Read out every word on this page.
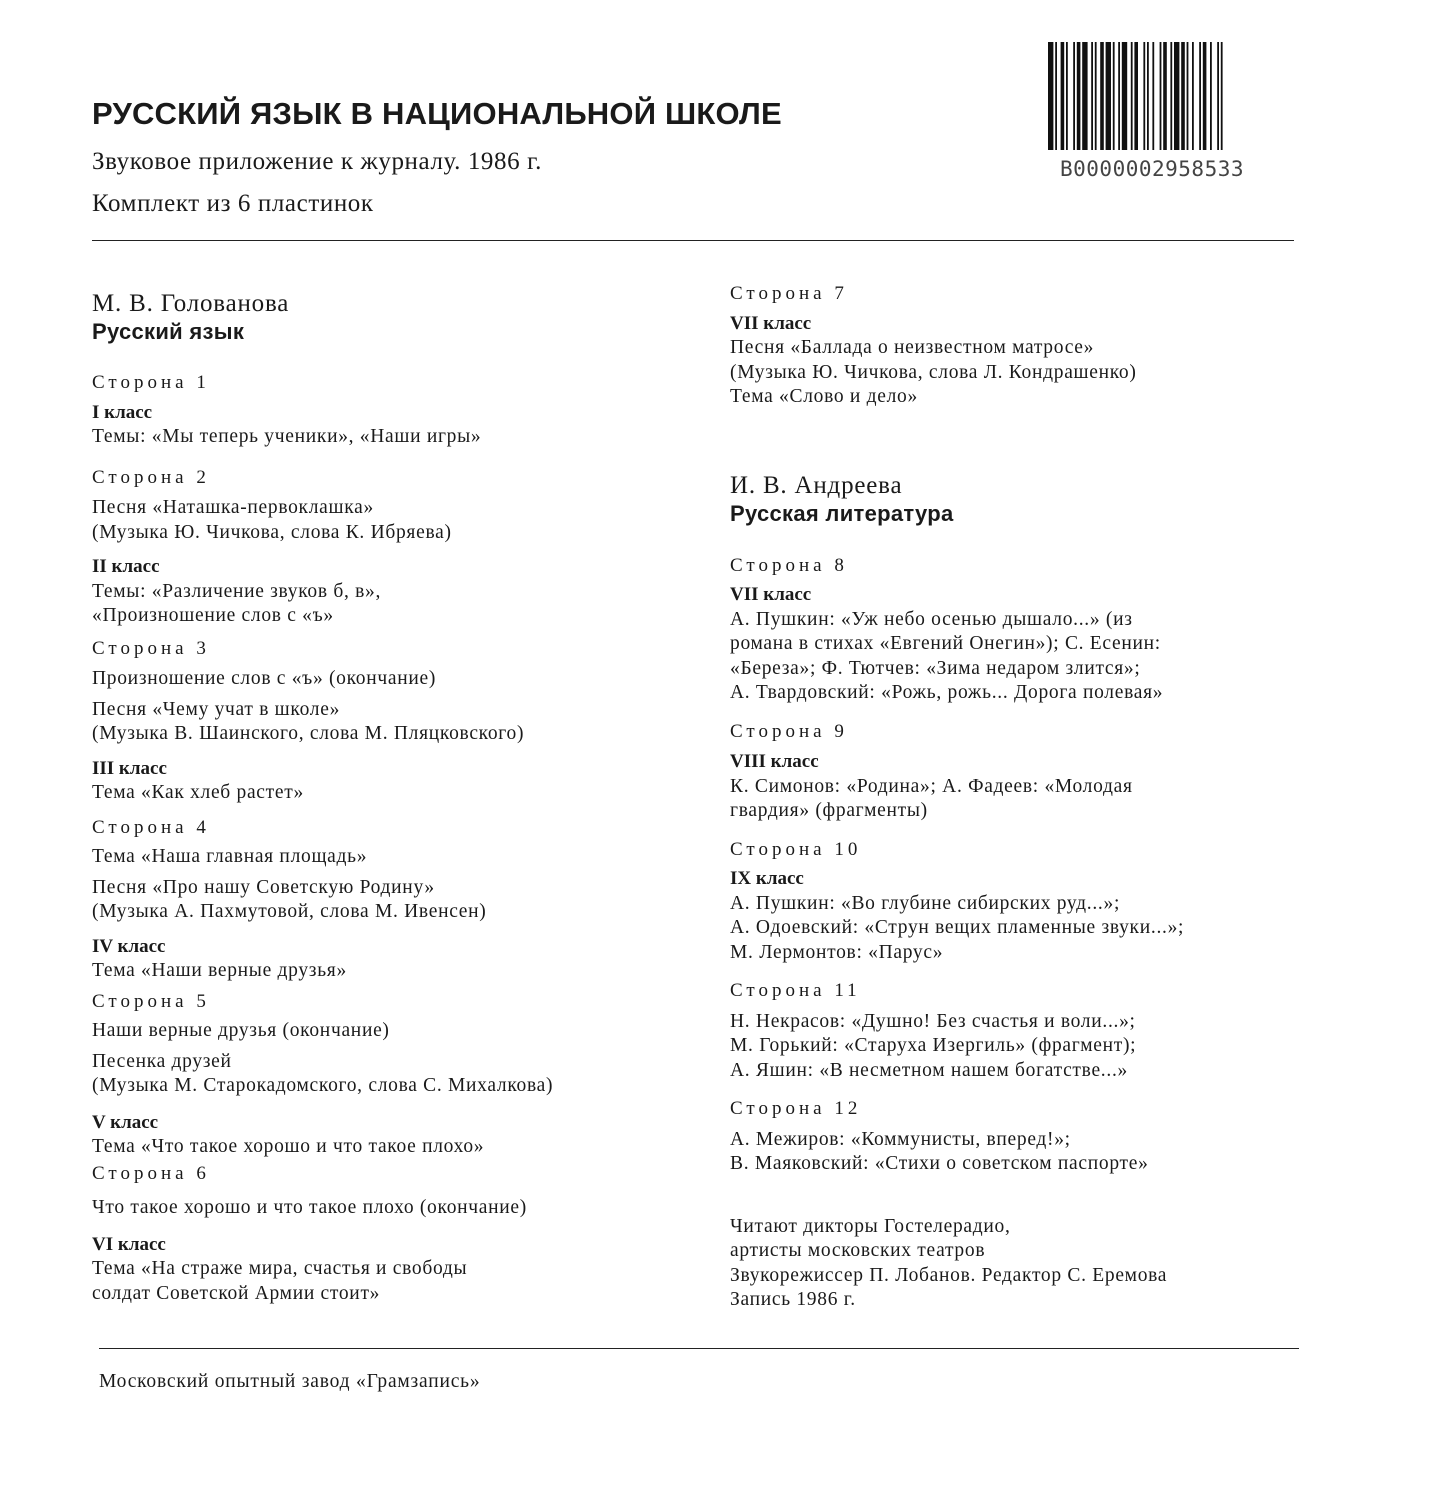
РУССКИЙ ЯЗЫК В НАЦИОНАЛЬНОЙ ШКОЛЕ
Звуковое приложение к журналу. 1986 г.
Комплект из 6 пластинок
B0000002958533
М. В. Голованова
Русский язык
Сторона 1
I класс
Темы: «Мы теперь ученики», «Наши игры»
Сторона 2
Песня «Наташка-первоклашка»
(Музыка Ю. Чичкова, слова К. Ибряева)
II класс
Темы: «Различение звуков б, в»,
«Произношение слов с «ъ»
Сторона 3
Произношение слов с «ъ» (окончание)
Песня «Чему учат в школе»
(Музыка В. Шаинского, слова М. Пляцковского)
III класс
Тема «Как хлеб растет»
Сторона 4
Тема «Наша главная площадь»
Песня «Про нашу Советскую Родину»
(Музыка А. Пахмутовой, слова М. Ивенсен)
IV класс
Тема «Наши верные друзья»
Сторона 5
Наши верные друзья (окончание)
Песенка друзей
(Музыка М. Старокадомского, слова С. Михалкова)
V класс
Тема «Что такое хорошо и что такое плохо»
Сторона 6
Что такое хорошо и что такое плохо (окончание)
VI класс
Тема «На страже мира, счастья и свободы
солдат Советской Армии стоит»
Сторона 7
VII класс
Песня «Баллада о неизвестном матросе»
(Музыка Ю. Чичкова, слова Л. Кондрашенко)
Тема «Слово и дело»
И. В. Андреева
Русская литература
Сторона 8
VII класс
А. Пушкин: «Уж небо осенью дышало...» (из
романа в стихах «Евгений Онегин»); С. Есенин:
«Береза»; Ф. Тютчев: «Зима недаром злится»;
А. Твардовский: «Рожь, рожь... Дорога полевая»
Сторона 9
VIII класс
К. Симонов: «Родина»; А. Фадеев: «Молодая
гвардия» (фрагменты)
Сторона 10
IX класс
А. Пушкин: «Во глубине сибирских руд...»;
А. Одоевский: «Струн вещих пламенные звуки...»;
М. Лермонтов: «Парус»
Сторона 11
Н. Некрасов: «Душно! Без счастья и воли...»;
М. Горький: «Старуха Изергиль» (фрагмент);
А. Яшин: «В несметном нашем богатстве...»
Сторона 12
А. Межиров: «Коммунисты, вперед!»;
В. Маяковский: «Стихи о советском паспорте»
Читают дикторы Гостелерадио,
артисты московских театров
Звукорежиссер П. Лобанов. Редактор С. Еремова
Запись 1986 г.
Московский опытный завод «Грамзапись»
